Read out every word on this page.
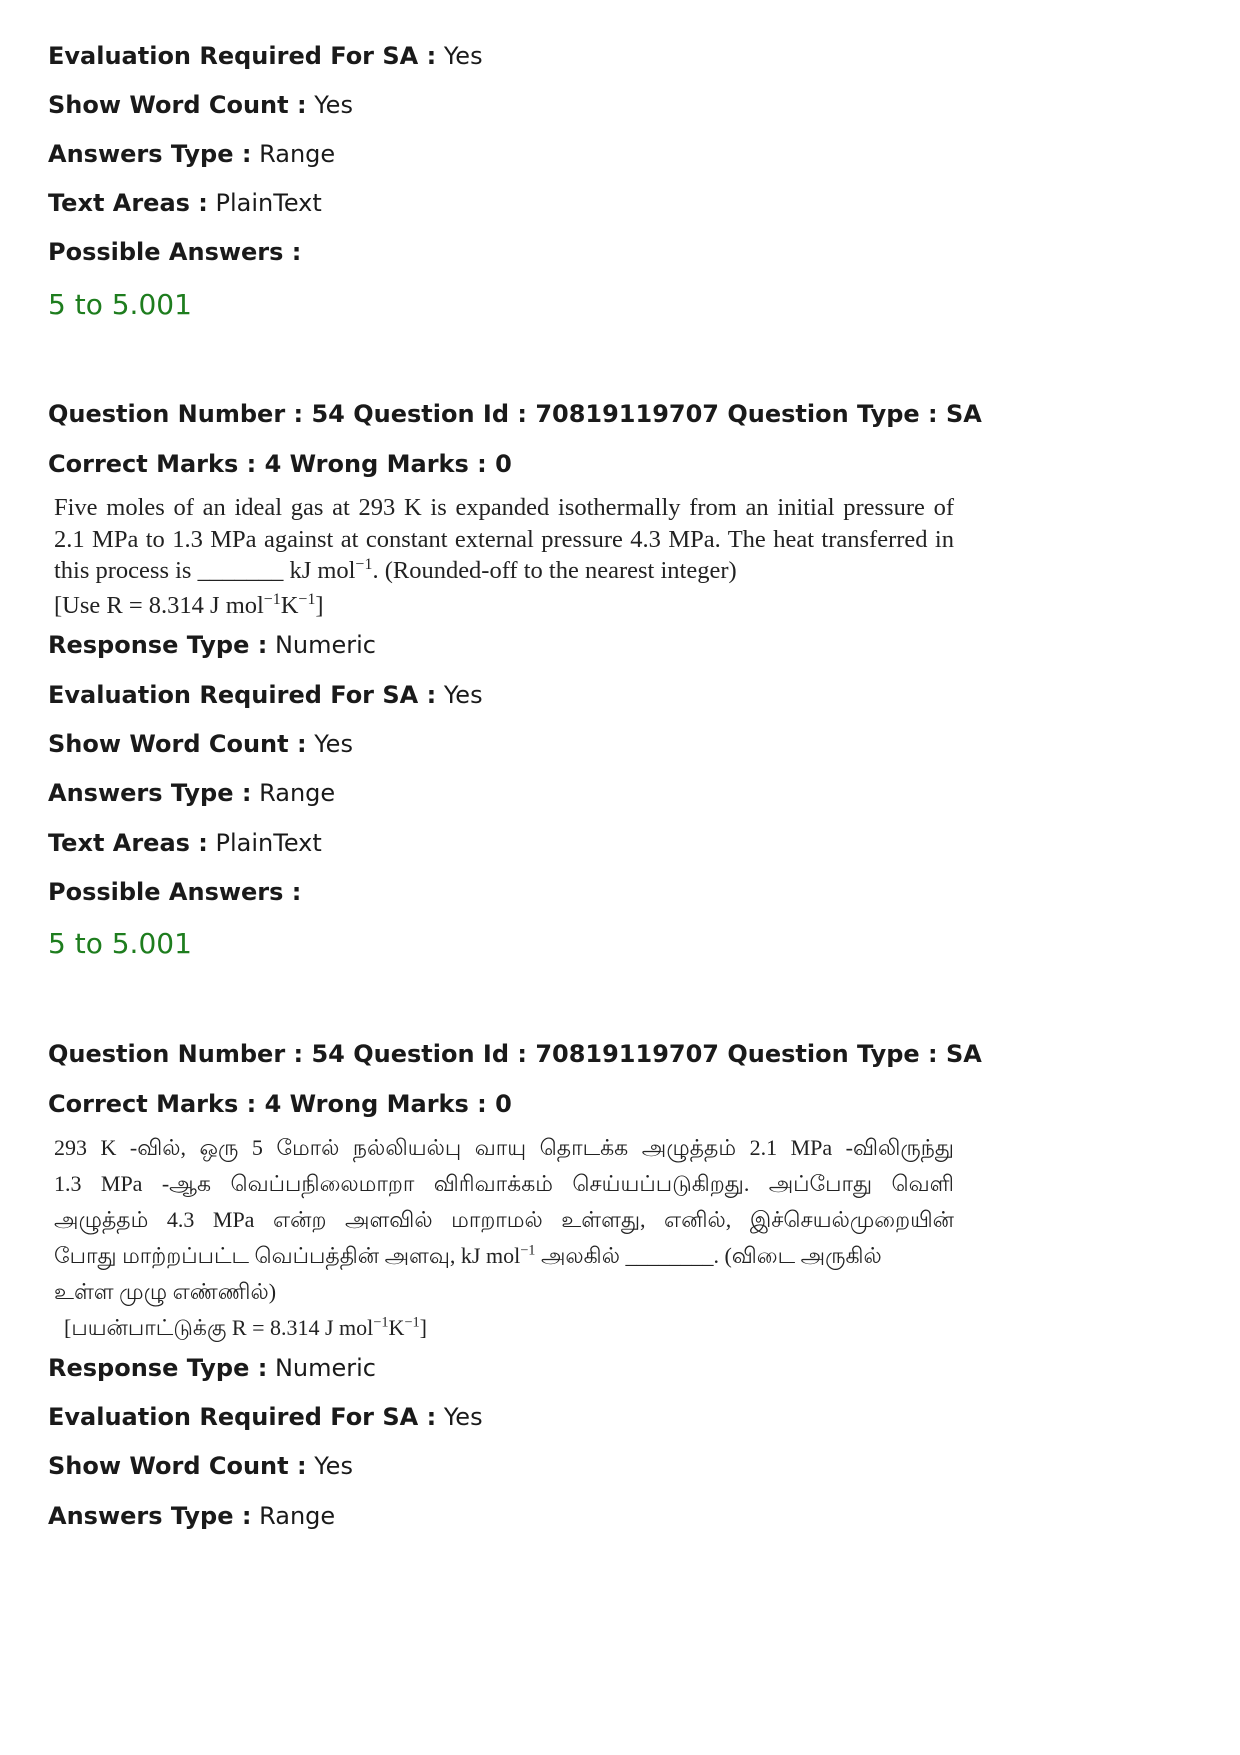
Evaluation Required For SA : Yes
Show Word Count : Yes
Answers Type : Range
Text Areas : PlainText
Possible Answers :
5 to 5.001
Question Number : 54 Question Id : 70819119707 Question Type : SA
Correct Marks : 4 Wrong Marks : 0
Five moles of an ideal gas at 293 K is expanded isothermally from an initial pressure of
2.1 MPa to 1.3 MPa against at constant external pressure 4.3 MPa. The heat transferred in
this process is _______ kJ mol$^{-1}$. (Rounded-off to the nearest integer)
[Use R = 8.314 J $mol^{-1}K^{-1}$]
Response Type : Numeric
Evaluation Required For SA : Yes
Show Word Count : Yes
Answers Type : Range
Text Areas : PlainText
Possible Answers :
5 to 5.001
Question Number : 54 Question Id : 70819119707 Question Type : SA
Correct Marks : 4 Wrong Marks : 0
293 K -வில், ஒரு 5 மோல் நல்லியல்பு வாயு தொடக்க அழுத்தம் 2.1 MPa -விலிருந்து
1.3 MPa -ஆக வெப்பநிலைமாறா விரிவாக்கம் செய்யப்படுகிறது. அப்போது வெளி
அழுத்தம் 4.3 MPa என்ற அளவில் மாறாமல் உள்ளது, எனில், இச்செயல்முறையின்
போது மாற்றப்பட்ட வெப்பத்தின் அளவு, kJ mol$^{-1}$ அலகில் ________. (விடை அருகில்
உள்ள முழு எண்ணில்)
[பயன்பாட்டுக்கு R = 8.314 J $mol^{-1}K^{-1}$]
Response Type : Numeric
Evaluation Required For SA : Yes
Show Word Count : Yes
Answers Type : Range
